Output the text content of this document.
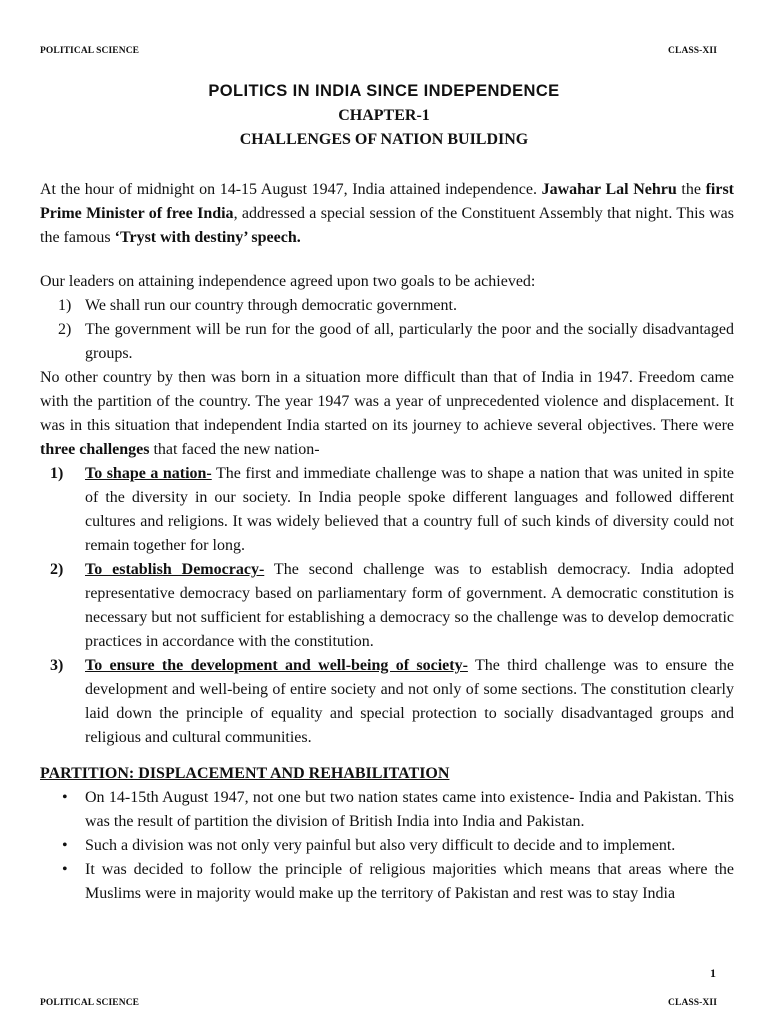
POLITICAL SCIENCE	CLASS-XII
POLITICS IN INDIA SINCE INDEPENDENCE
CHAPTER-1
CHALLENGES OF NATION BUILDING

At the hour of midnight on 14-15 August 1947, India attained independence. Jawahar Lal Nehru the first Prime Minister of free India, addressed a special session of the Constituent Assembly that night. This was the famous ‘Tryst with destiny’ speech.

Our leaders on attaining independence agreed upon two goals to be achieved:

1) We shall run our country through democratic government.
2) The government will be run for the good of all, particularly the poor and the socially disadvantaged groups.

No other country by then was born in a situation more difficult than that of India in 1947. Freedom came with the partition of the country. The year 1947 was a year of unprecedented violence and displacement. It was in this situation that independent India started on its journey to achieve several objectives. There were three challenges that faced the new nation-

1) To shape a nation- The first and immediate challenge was to shape a nation that was united in spite of the diversity in our society. In India people spoke different languages and followed different cultures and religions. It was widely believed that a country full of such kinds of diversity could not remain together for long.
2) To establish Democracy- The second challenge was to establish democracy. India adopted representative democracy based on parliamentary form of government. A democratic constitution is necessary but not sufficient for establishing a democracy so the challenge was to develop democratic practices in accordance with the constitution.
3) To ensure the development and well-being of society- The third challenge was to ensure the development and well-being of entire society and not only of some sections. The constitution clearly laid down the principle of equality and special protection to socially disadvantaged groups and religious and cultural communities.

PARTITION: DISPLACEMENT AND REHABILITATION

• On 14-15th August 1947, not one but two nation states came into existence- India and Pakistan. This was the result of partition the division of British India into India and Pakistan.
• Such a division was not only very painful but also very difficult to decide and to implement.
• It was decided to follow the principle of religious majorities which means that areas where the Muslims were in majority would make up the territory of Pakistan and rest was to stay India
1
POLITICAL SCIENCE	CLASS-XII
